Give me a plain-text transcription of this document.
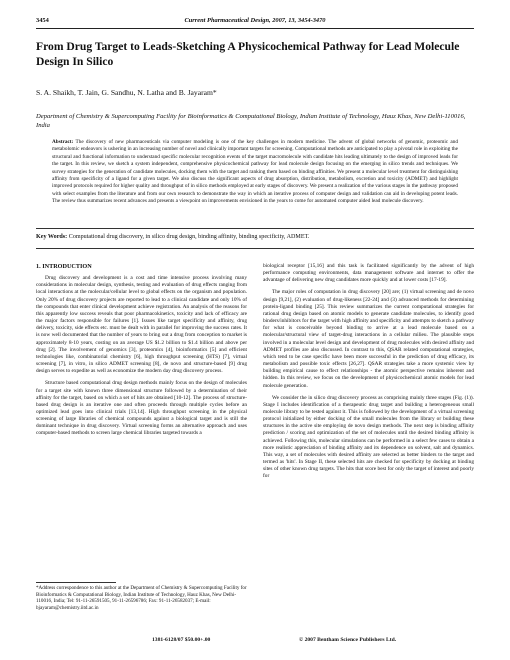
3454	Current Pharmaceutical Design, 2007, 13, 3454-3470
From Drug Target to Leads-Sketching A Physicochemical Pathway for Lead Molecule Design In Silico
S. A. Shaikh, T. Jain, G. Sandhu, N. Latha and B. Jayaram*
Department of Chemistry & Supercomputing Facility for Bioinformatics & Computational Biology, Indian Institute of Technology, Hauz Khas, New Delhi-110016, India
Abstract: The discovery of new pharmaceuticals via computer modeling is one of the key challenges in modern medicine. The advent of global networks of genomic, proteomic and metabolomic endeavors is ushering in an increasing number of novel and clinically important targets for screening. Computational methods are anticipated to play a pivotal role in exploiting the structural and functional information to understand specific molecular recognition events of the target macromolecule with candidate hits leading ultimately to the design of improved leads for the target. In this review, we sketch a system independent, comprehensive physicochemical pathway for lead molecule design focusing on the emerging in silico trends and techniques. We survey strategies for the generation of candidate molecules, docking them with the target and ranking them based on binding affinities. We present a molecular level treatment for distinguishing affinity from specificity of a ligand for a given target. We also discuss the significant aspects of drug absorption, distribution, metabolism, excretion and toxicity (ADMET) and highlight improved protocols required for higher quality and throughput of in silico methods employed at early stages of discovery. We present a realization of the various stages in the pathway proposed with select examples from the literature and from our own research to demonstrate the way in which an iterative process of computer design and validation can aid in developing potent leads. The review thus summarizes recent advances and presents a viewpoint on improvements envisioned in the years to come for automated computer aided lead molecule discovery.
Key Words: Computational drug discovery, in silico drug design, binding affinity, binding specificity, ADMET.

1. INTRODUCTION

Drug discovery and development is a cost and time intensive process involving many considerations in molecular design, synthesis, testing and evaluation of drug effects ranging from local interactions at the molecular/cellular level to global effects on the organism and population. Only 20% of drug discovery projects are reported to lead to a clinical candidate and only 10% of the compounds that enter clinical development achieve registration. An analysis of the reasons for this apparently low success reveals that poor pharmacokinetics, toxicity and lack of efficacy are the major factors responsible for failures [1]. Issues like target specificity and affinity, drug delivery, toxicity, side effects etc. must be dealt with in parallel for improving the success rates. It is now well documented that the number of years to bring out a drug from conception to market is approximately 8-10 years, costing on an average US $1.2 billion to $1.4 billion and above per drug [2]. The involvement of genomics [3], proteomics [4], bioinformatics [5] and efficient technologies like, combinatorial chemistry [6], high throughput screening (HTS) [7], virtual screening [7], in vitro, in silico ADMET screening [8], de novo and structure-based [9] drug design serves to expedite as well as economize the modern day drug discovery process.

Structure based computational drug design methods mainly focus on the design of molecules for a target site with known three dimensional structure followed by a determination of their affinity for the target, based on which a set of hits are obtained [10-12]. The process of structure-based drug design is an iterative one and often proceeds through multiple cycles before an optimized lead goes into clinical trials [13,14]. High throughput screening in the physical screening of large libraries of chemical compounds against a biological target and is still the dominant technique in drug discovery. Virtual screening forms an alternative approach and uses computer-based methods to screen large chemical libraries targeted towards a

biological receptor [15,16] and this task is facilitated significantly by the advent of high performance computing environments, data management software and internet to offer the advantage of delivering new drug candidates more quickly and at lower costs [17-19].

The major roles of computation in drug discovery [20] are; (1) virtual screening and de novo design [9,21], (2) evaluation of drug-likeness [22-24] and (3) advanced methods for determining protein-ligand binding [25]. This review summarizes the current computational strategies for rational drug design based on atomic models to generate candidate molecules, to identify good binders/inhibitors for the target with high affinity and specificity and attempts to sketch a pathway for what is conceivable beyond binding to arrive at a lead molecule based on a molecular/structural view of target-drug interactions in a cellular milieu. The plausible steps involved in a molecular level design and development of drug molecules with desired affinity and ADMET profiles are also discussed. In contrast to this, QSAR related computational strategies, which tend to be case specific have been more successful in the prediction of drug efficacy, its metabolism and possible toxic effects [26,27]. QSAR strategies take a more systemic view by building empirical cause to effect relationships - the atomic perspective remains inherent and hidden. In this review, we focus on the development of physicochemical atomic models for lead molecule generation.

We consider the in silico drug discovery process as comprising mainly three stages (Fig. (1)). Stage I includes identification of a therapeutic drug target and building a heterogeneous small molecule library to be tested against it. This is followed by the development of a virtual screening protocol initialized by either docking of the small molecules from the library or building these structures in the active site employing de novo design methods. The next step is binding affinity prediction / scoring and optimization of the set of molecules until the desired binding affinity is achieved. Following this, molecular simulations can be performed in a select few cases to obtain a more realistic appreciation of binding affinity and its dependence on solvent, salt and dynamics. This way, a set of molecules with desired affinity are selected as better binders to the target and termed as 'hits'. In Stage II, these selected hits are checked for specificity by docking at binding sites of other known drug targets. The hits that score best for only the target of interest and poorly for

*Address correspondence to this author at the Department of Chemistry & Supercomputing Facility for Bioinformatics & Computational Biology, Indian Institute of Technology, Hauz Khas, New Delhi-110016, India; Tel: 91-11-26591505, 91-11-26596786; Fax: 91-11-26582037; E-mail: bjayaram@chemistry.iitd.ac.in
1381-6128/07 $50.00+.00	© 2007 Bentham Science Publishers Ltd.
